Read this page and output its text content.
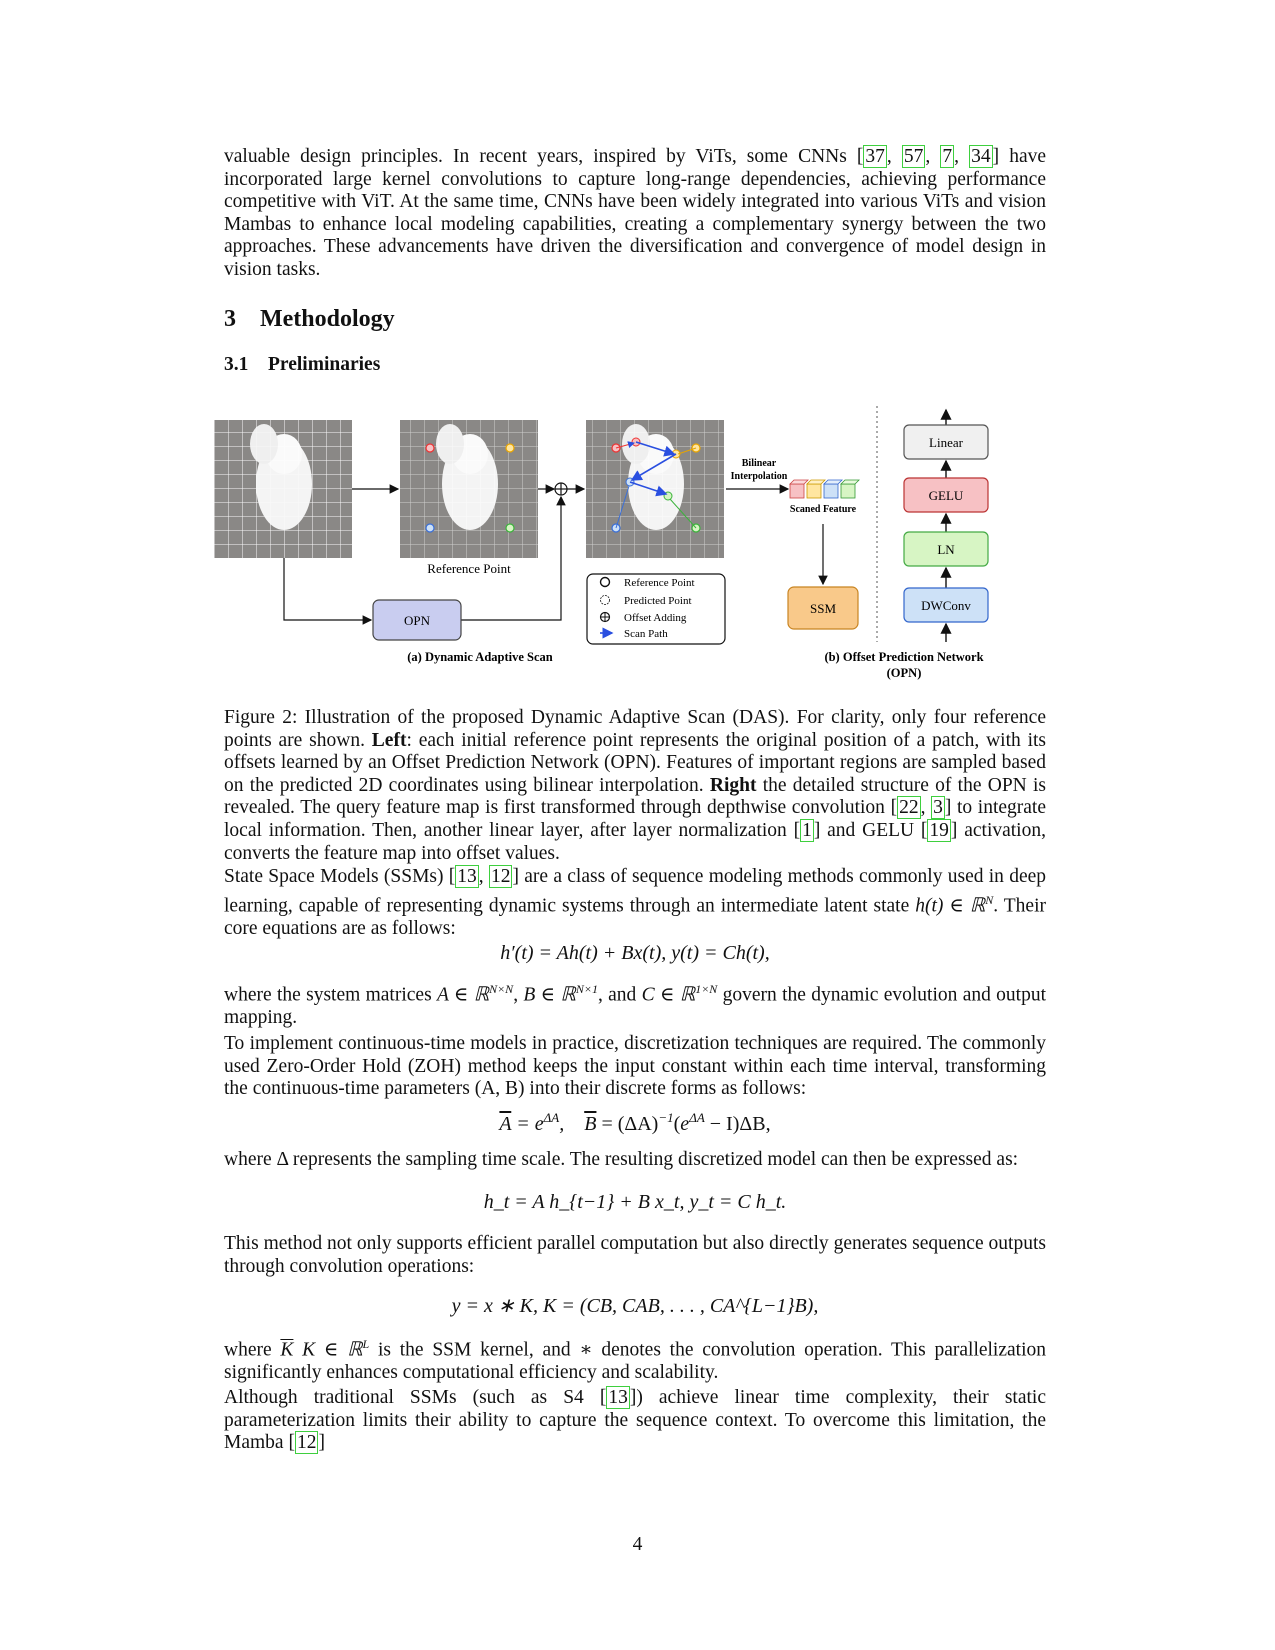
valuable design principles. In recent years, inspired by ViTs, some CNNs [ 37 , 57 , 7 , 34 ] have incorporated large kernel convolutions to capture long-range dependencies, achieving performance competitive with ViT. At the same time, CNNs have been widely integrated into various ViTs and vision Mambas to enhance local modeling capabilities, creating a complementary synergy between the two approaches. These advancements have driven the diversification and convergence of model design in vision tasks.

3 Methodology
3.1 Preliminaries
OPN
Reference Point
Reference Point
Predicted Point
Offset Adding
Scan Path
Bilinear
Interpolation
Scaned Feature
SSM
Linear
GELU
LN
DWConv
(a) Dynamic Adaptive Scan	(b) Offset Prediction Network
(OPN)

Figure 2: Illustration of the proposed Dynamic Adaptive Scan (DAS). For clarity, only four reference points are shown. Left: each initial reference point represents the original position of a patch, with its offsets learned by an Offset Prediction Network (OPN). Features of important regions are sampled based on the predicted 2D coordinates using bilinear interpolation. Right the detailed structure of the OPN is revealed. The query feature map is first transformed through depthwise convolution [ 22 , 3 ] to integrate local information. Then, another linear layer, after layer normalization [ 1 ] and GELU [ 19 ] activation, converts the feature map into offset values.

State Space Models (SSMs) [ 13 , 12 ] are a class of sequence modeling methods commonly used in deep learning, capable of representing dynamic systems through an intermediate latent state h(t) ∈ ℝ$^N$. Their core equations are as follows:

h′(t) = Ah(t) + Bx(t), y(t) = Ch(t),

where the system matrices A ∈ ℝ$^{N\times N}$, B ∈ ℝ$^{N\times 1}$, and C ∈ ℝ$^{1\times N}$ govern the dynamic evolution and output mapping.

To implement continuous-time models in practice, discretization techniques are required. The commonly used Zero-Order Hold (ZOH) method keeps the input constant within each time interval, transforming the continuous-time parameters (A, B) into their discrete forms as follows:

$\overline{A} = e^{\Delta A}$,    $\overline{B} = (\Delta A)^{-1}(e^{\Delta A} - I)\Delta B$,

where Δ represents the sampling time scale. The resulting discretized model can then be expressed as:

h_t = A h_{t−1} + B x_t, y_t = C h_t.

This method not only supports efficient parallel computation but also directly generates sequence outputs through convolution operations:

y = x ∗ K, K = (CB, CAB, . . . , CA^{L−1}B),

where $\overline{K}$ K ∈ ℝ$^L$ is the SSM kernel, and ∗ denotes the convolution operation. This parallelization significantly enhances computational efficiency and scalability.

Although traditional SSMs (such as S4 [ 13 ]) achieve linear time complexity, their static parameterization limits their ability to capture the sequence context. To overcome this limitation, the Mamba [ 12 ]

4
